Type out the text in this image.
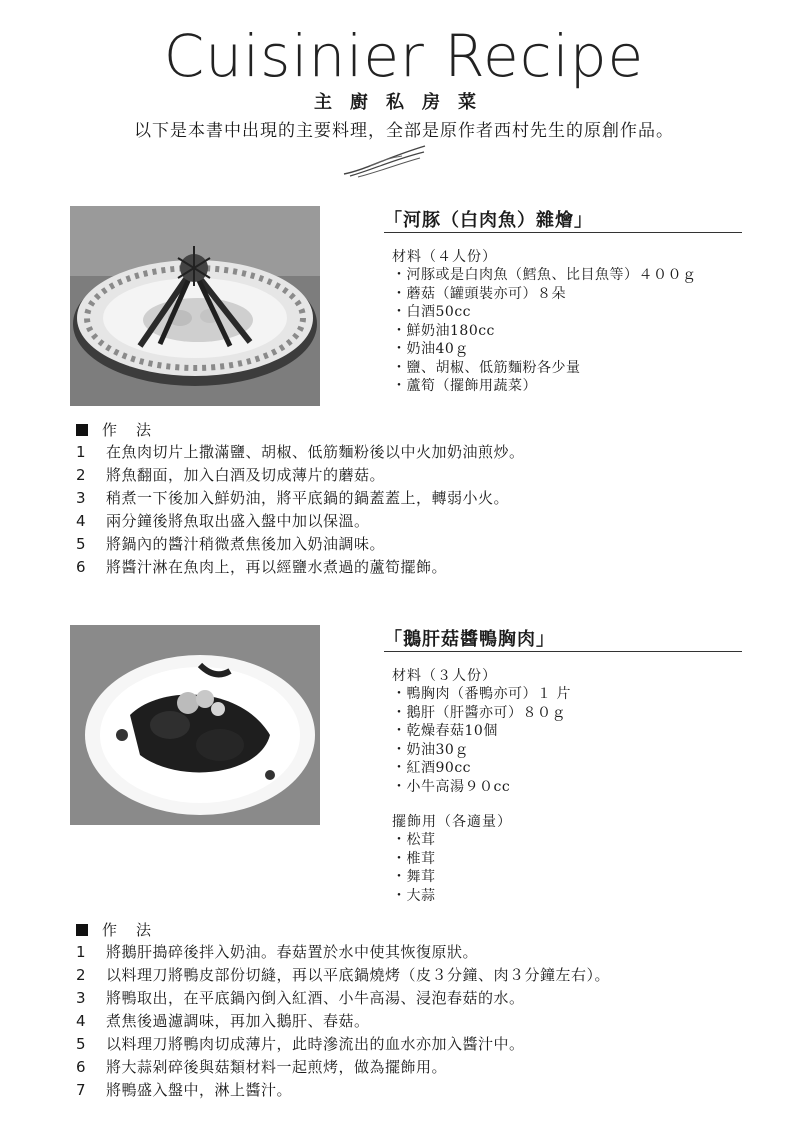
Cuisinier Recipe
主廚私房菜
以下是本書中出現的主要料理，全部是原作者西村先生的原創作品。
「河豚（白肉魚）雜燴」
材料（４人份）
・ 河豚或是白肉魚（鱈魚、比目魚等）４００ｇ
・ 蘑菇（罐頭裝亦可）８朵
・ 白酒50cc
・ 鮮奶油180cc
・ 奶油40ｇ
・ 鹽、胡椒、低筋麵粉各少量
・ 蘆筍（擺飾用蔬菜）
作　法
1	在魚肉切片上撒滿鹽、胡椒、低筋麵粉後以中火加奶油煎炒。
2	將魚翻面，加入白酒及切成薄片的蘑菇。
3	稍煮一下後加入鮮奶油，將平底鍋的鍋蓋蓋上，轉弱小火。
4	兩分鐘後將魚取出盛入盤中加以保溫。
5	將鍋內的醬汁稍微煮焦後加入奶油調味。
6	將醬汁淋在魚肉上，再以經鹽水煮過的蘆筍擺飾。
「鵝肝菇醬鴨胸肉」
材料（３人份）
・ 鴨胸肉（番鴨亦可）１ 片
・ 鵝肝（肝醬亦可）８０ｇ
・ 乾燥春菇10個
・ 奶油30ｇ
・ 紅酒90cc
・ 小牛高湯９０cc
擺飾用（各適量）
・ 松茸
・ 椎茸
・ 舞茸
・ 大蒜
作　法
1	將鵝肝搗碎後拌入奶油。春菇置於水中使其恢復原狀。
2	以料理刀將鴨皮部份切縫，再以平底鍋燒烤（皮３分鐘、肉３分鐘左右）。
3	將鴨取出，在平底鍋內倒入紅酒、小牛高湯、浸泡春菇的水。
4	煮焦後過濾調味，再加入鵝肝、春菇。
5	以料理刀將鴨肉切成薄片，此時滲流出的血水亦加入醬汁中。
6	將大蒜剁碎後與菇類材料一起煎烤，做為擺飾用。
7	將鴨盛入盤中，淋上醬汁。
